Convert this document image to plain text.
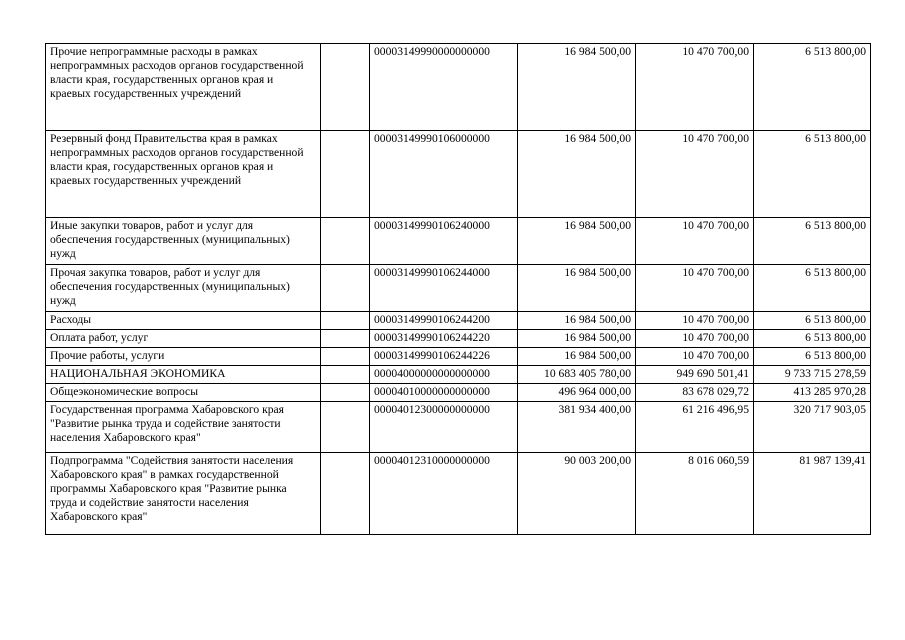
Прочие непрограммные расходы в рамках непрограммных расходов органов государственной власти края, государственных органов края и краевых государственных учреждений		00003149990000000000	16 984 500,00	10 470 700,00	6 513 800,00
Резервный фонд Правительства края в рамках непрограммных расходов органов государственной власти края, государственных органов края и краевых государственных учреждений		00003149990106000000	16 984 500,00	10 470 700,00	6 513 800,00
Иные закупки товаров, работ и услуг для обеспечения государственных (муниципальных) нужд		00003149990106240000	16 984 500,00	10 470 700,00	6 513 800,00
Прочая закупка товаров, работ и услуг для обеспечения государственных (муниципальных) нужд		00003149990106244000	16 984 500,00	10 470 700,00	6 513 800,00
Расходы		00003149990106244200	16 984 500,00	10 470 700,00	6 513 800,00
Оплата работ, услуг		00003149990106244220	16 984 500,00	10 470 700,00	6 513 800,00
Прочие работы, услуги		00003149990106244226	16 984 500,00	10 470 700,00	6 513 800,00
НАЦИОНАЛЬНАЯ ЭКОНОМИКА		00004000000000000000	10 683 405 780,00	949 690 501,41	9 733 715 278,59
Общеэкономические вопросы		00004010000000000000	496 964 000,00	83 678 029,72	413 285 970,28
Государственная программа Хабаровского края "Развитие рынка труда и содействие занятости населения Хабаровского края"		00004012300000000000	381 934 400,00	61 216 496,95	320 717 903,05
Подпрограмма "Содействия занятости населения Хабаровского края" в рамках государственной программы Хабаровского края "Развитие рынка труда и содействие занятости населения Хабаровского края"		00004012310000000000	90 003 200,00	8 016 060,59	81 987 139,41
